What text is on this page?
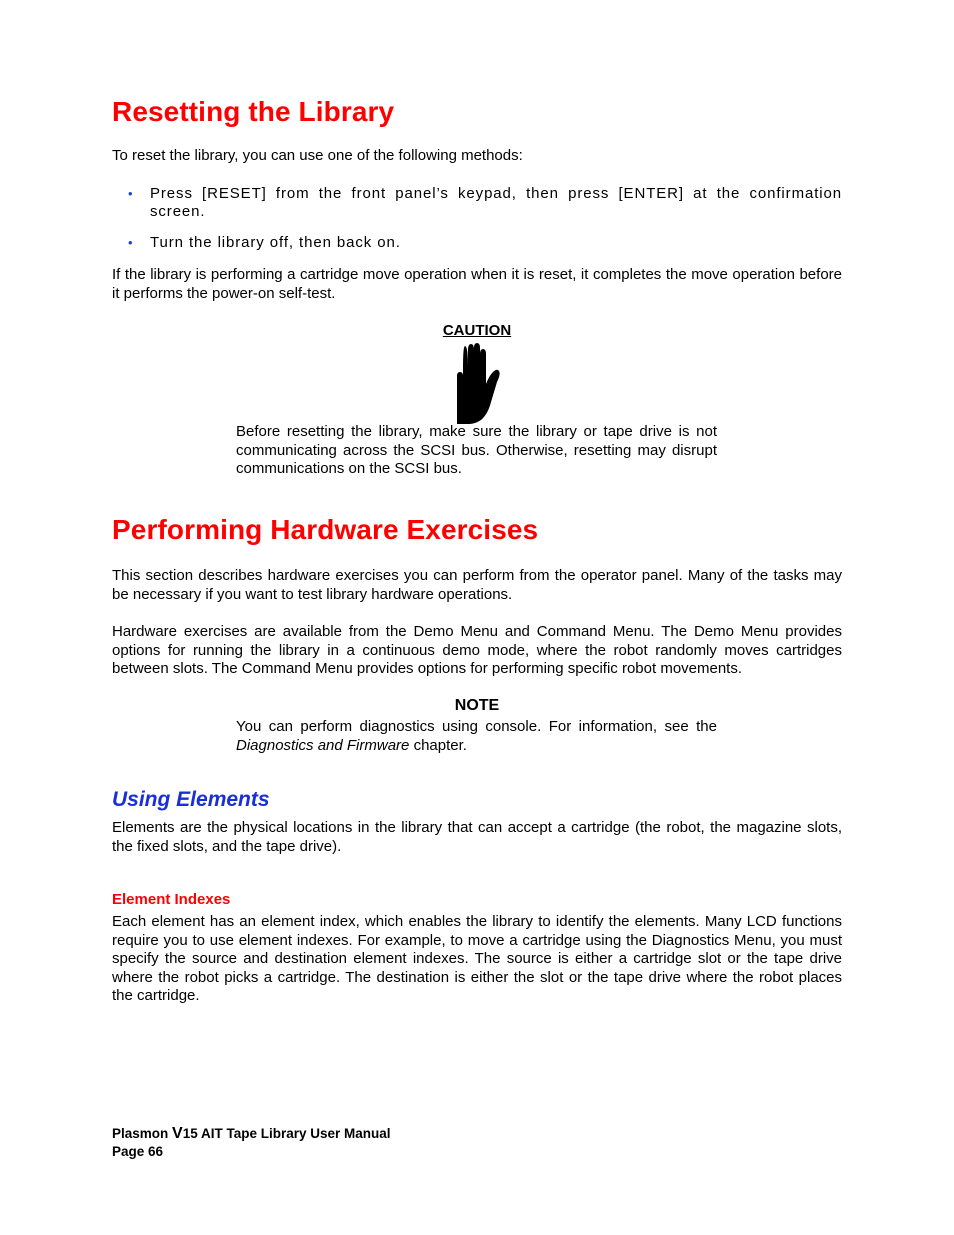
Resetting the Library
To reset the library, you can use one of the following methods:
• Press [RESET] from the front panel’s keypad, then press [ENTER] at the confirmation screen.
• Turn the library off, then back on.
If the library is performing a cartridge move operation when it is reset, it completes the move operation before it performs the power-on self-test.
CAUTION
Before resetting the library, make sure the library or tape drive is not communicating across the SCSI bus. Otherwise, resetting may disrupt communications on the SCSI bus.
Performing Hardware Exercises
This section describes hardware exercises you can perform from the operator panel. Many of the tasks may be necessary if you want to test library hardware operations.
Hardware exercises are available from the Demo Menu and Command Menu. The Demo Menu provides options for running the library in a continuous demo mode, where the robot randomly moves cartridges between slots. The Command Menu provides options for performing specific robot movements.
NOTE
You can perform diagnostics using console. For information, see the Diagnostics and Firmware chapter.
Using Elements
Elements are the physical locations in the library that can accept a cartridge (the robot, the magazine slots, the fixed slots, and the tape drive).
Element Indexes
Each element has an element index, which enables the library to identify the elements. Many LCD functions require you to use element indexes. For example, to move a cartridge using the Diagnostics Menu, you must specify the source and destination element indexes. The source is either a cartridge slot or the tape drive where the robot picks a cartridge. The destination is either the slot or the tape drive where the robot places the cartridge.
Plasmon V15 AIT Tape Library User Manual
Page 66
